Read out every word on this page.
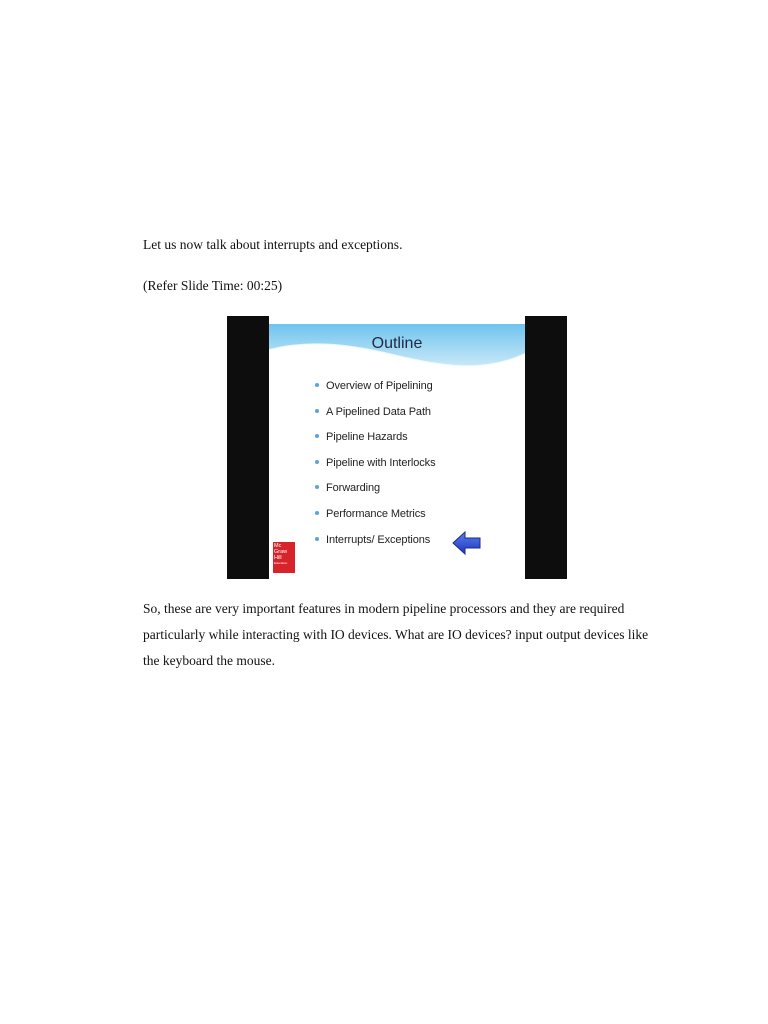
Let us now talk about interrupts and exceptions.

(Refer Slide Time: 00:25)

Outline
Overview of Pipelining
A Pipelined Data Path
Pipeline Hazards
Pipeline with Interlocks
Forwarding
Performance Metrics
Interrupts/ Exceptions
Mc
Graw
Hill
Education

So, these are very important features in modern pipeline processors and they are required particularly while interacting with IO devices. What are IO devices? input output devices like the keyboard the mouse.
